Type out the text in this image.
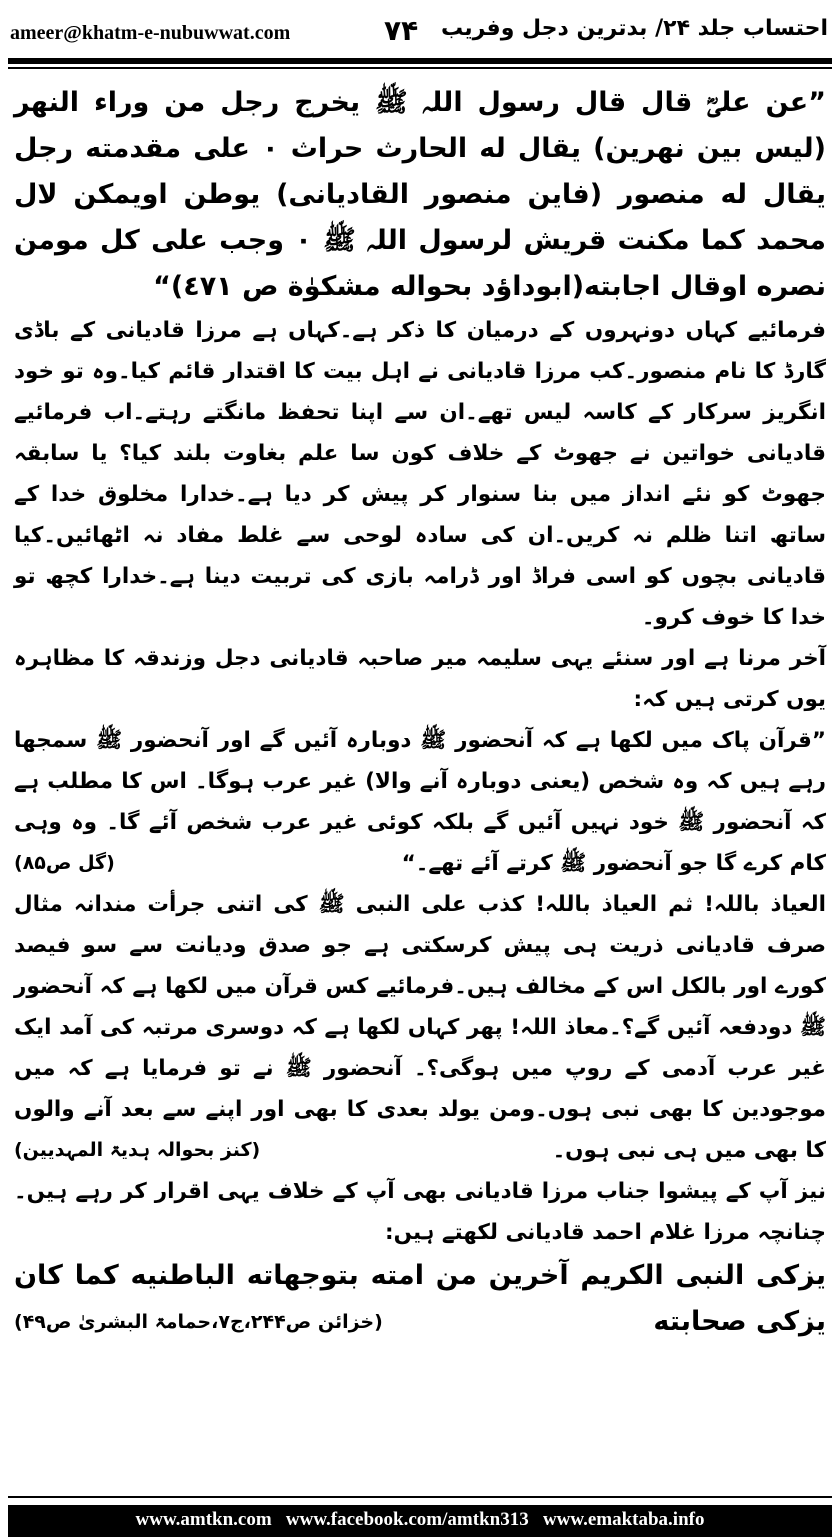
ameer@khatm-e-nubuwwat.com	۷۴ احتساب جلد ۲۴/ بدترین دجل وفریب

”عن علیؓ قال قال رسول اللہ ﷺ یخرج رجل من وراء النهر (لیس بین نهرین) یقال له الحارث حراث ۰ علی مقدمته رجل یقال له منصور (فاین منصور القادیانی) یوطن اویمکن لال محمد کما مکنت قریش لرسول اللہ ﷺ ۰ وجب علی کل مومن نصره اوقال اجابته(ابوداؤد بحواله مشکوٰة ص ٤٧١)“

فرمائیے کہاں دونہروں کے درمیان کا ذکر ہے۔کہاں ہے مرزا قادیانی کے باڈی گارڈ کا نام منصور۔کب مرزا قادیانی نے اہل بیت کا اقتدار قائم کیا۔وہ تو خود انگریز سرکار کے کاسہ لیس تھے۔ان سے اپنا تحفظ مانگتے رہتے۔اب فرمائیے قادیانی خواتین نے جھوٹ کے خلاف کون سا علم بغاوت بلند کیا؟ یا سابقہ جھوٹ کو نئے انداز میں بنا سنوار کر پیش کر دیا ہے۔خدارا مخلوق خدا کے ساتھ اتنا ظلم نہ کریں۔ان کی سادہ لوحی سے غلط مفاد نہ اٹھائیں۔کیا قادیانی بچوں کو اسی فراڈ اور ڈرامہ بازی کی تربیت دینا ہے۔خدارا کچھ تو خدا کا خوف کرو۔

آخر مرنا ہے اور سنئے یہی سلیمہ میر صاحبہ قادیانی دجل وزندقہ کا مظاہرہ یوں کرتی ہیں کہ:

”قرآن پاک میں لکھا ہے کہ آنحضور ﷺ دوبارہ آئیں گے اور آنحضور ﷺ سمجھا رہے ہیں کہ وہ شخص (یعنی دوبارہ آنے والا) غیر عرب ہوگا۔ اس کا مطلب ہے کہ آنحضور ﷺ خود نہیں آئیں گے بلکہ کوئی غیر عرب شخص آئے گا۔ وہ وہی کام کرے گا جو آنحضور ﷺ کرتے آئے تھے۔“
(گل ص۸۵)

العیاذ باللہ! ثم العیاذ باللہ! کذب علی النبی ﷺ کی اتنی جرأت مندانہ مثال صرف قادیانی ذریت ہی پیش کرسکتی ہے جو صدق ودیانت سے سو فیصد کورے اور بالکل اس کے مخالف ہیں۔فرمائیے کس قرآن میں لکھا ہے کہ آنحضور ﷺ دودفعہ آئیں گے؟۔معاذ اللہ! پھر کہاں لکھا ہے کہ دوسری مرتبہ کی آمد ایک غیر عرب آدمی کے روپ میں ہوگی؟۔ آنحضور ﷺ نے تو فرمایا ہے کہ میں موجودین کا بھی نبی ہوں۔ومن یولد بعدی کا بھی اور اپنے سے بعد آنے والوں کا بھی میں ہی نبی ہوں۔
(کنز بحوالہ ہدیۃ المہدیین)

نیز آپ کے پیشوا جناب مرزا قادیانی بھی آپ کے خلاف یہی اقرار کر رہے ہیں۔چنانچہ مرزا غلام احمد قادیانی لکھتے ہیں:

یزکی النبی الکریم آخرین من امته بتوجهاته الباطنیه کما کان یزکی صحابته
(خزائن ص۲۴۴،ج۷،حمامۃ البشریٰ ص۴۹)

www.amtkn.com   www.facebook.com/amtkn313   www.emaktaba.info
